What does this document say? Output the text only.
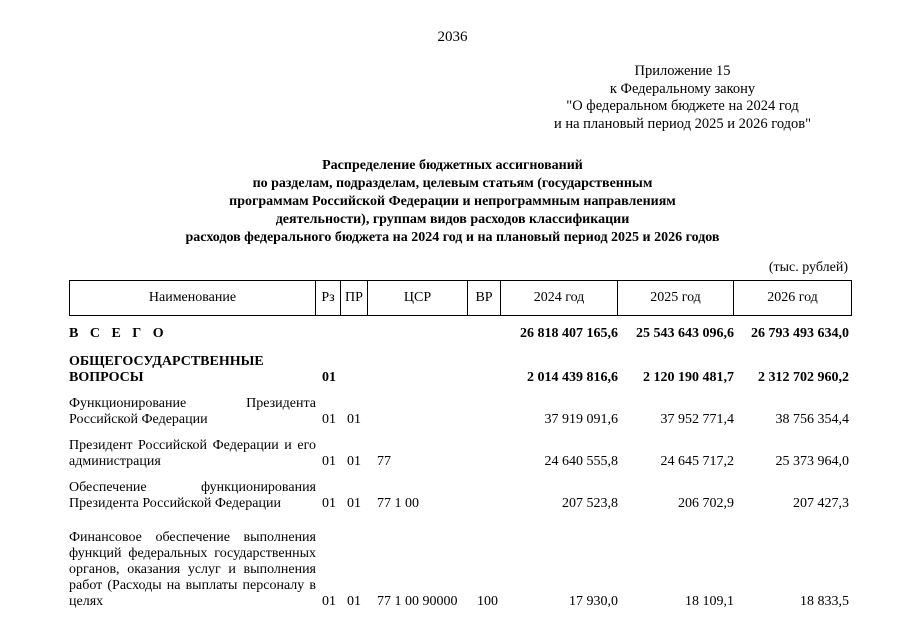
2036
Приложение 15
к Федеральному закону
"О федеральном бюджете на 2024 год
и на плановый период 2025 и 2026 годов"
Распределение бюджетных ассигнований
по разделам, подразделам, целевым статьям (государственным
программам Российской Федерации и непрограммным направлениям
деятельности), группам видов расходов классификации
расходов федерального бюджета на 2024 год и на плановый период 2025 и 2026 годов
(тыс. рублей)
Наименование	Рз	ПР	ЦСР	ВР	2024 год	2025 год	2026 год
В С Е Г О					26 818 407 165,6	25 543 643 096,6	26 793 493 634,0
ОБЩЕГОСУДАРСТВЕННЫЕ ВОПРОСЫ	01				2 014 439 816,6	2 120 190 481,7	2 312 702 960,2
Функционирование Президента Российской Федерации	01	01			37 919 091,6	37 952 771,4	38 756 354,4
Президент Российской Федерации и его администрация	01	01	77		24 640 555,8	24 645 717,2	25 373 964,0
Обеспечение функционирования Президента Российской Федерации	01	01	77 1 00		207 523,8	206 702,9	207 427,3
Финансовое обеспечение выполнения функций федеральных государственных органов, оказания услуг и выполнения работ (Расходы на выплаты персоналу в целях	01	01	77 1 00 90000	100	17 930,0	18 109,1	18 833,5
